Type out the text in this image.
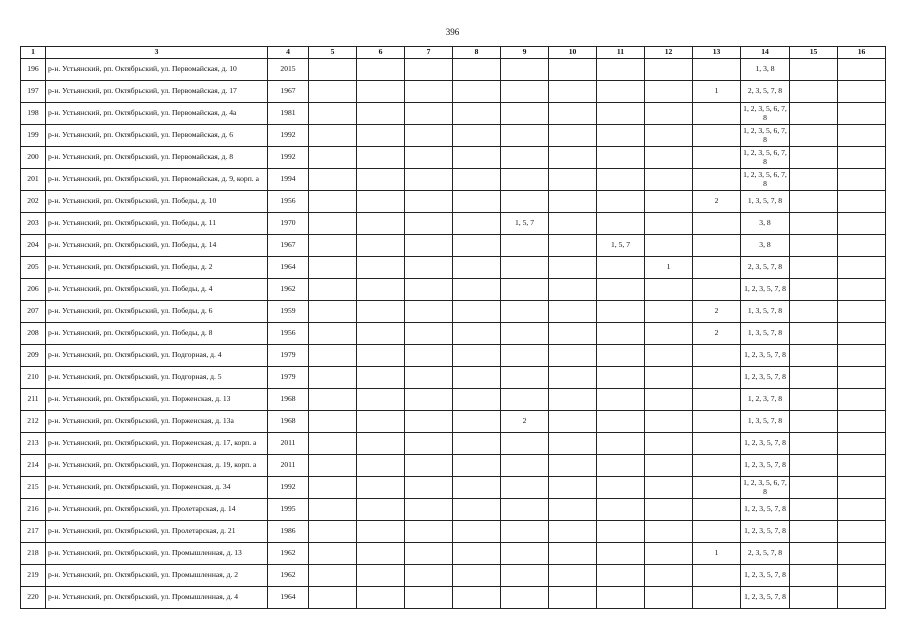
396
1	3	4	5	6	7	8	9	10	11	12	13	14	15	16
196	р-н. Устьянский, рп. Октябрьский, ул. Первомайская, д. 10	2015										1, 3, 8		
197	р-н. Устьянский, рп. Октябрьский, ул. Первомайская, д. 17	1967									1	2, 3, 5, 7, 8		
198	р-н. Устьянский, рп. Октябрьский, ул. Первомайская, д. 4а	1981										1, 2, 3, 5, 6, 7, 8		
199	р-н. Устьянский, рп. Октябрьский, ул. Первомайская, д. 6	1992										1, 2, 3, 5, 6, 7, 8		
200	р-н. Устьянский, рп. Октябрьский, ул. Первомайская, д. 8	1992										1, 2, 3, 5, 6, 7, 8		
201	р-н. Устьянский, рп. Октябрьский, ул. Первомайская, д. 9, корп. а	1994										1, 2, 3, 5, 6, 7, 8		
202	р-н. Устьянский, рп. Октябрьский, ул. Победы, д. 10	1956									2	1, 3, 5, 7, 8		
203	р-н. Устьянский, рп. Октябрьский, ул. Победы, д. 11	1970					1, 5, 7					3, 8		
204	р-н. Устьянский, рп. Октябрьский, ул. Победы, д. 14	1967							1, 5, 7			3, 8		
205	р-н. Устьянский, рп. Октябрьский, ул. Победы, д. 2	1964								1		2, 3, 5, 7, 8		
206	р-н. Устьянский, рп. Октябрьский, ул. Победы, д. 4	1962										1, 2, 3, 5, 7, 8		
207	р-н. Устьянский, рп. Октябрьский, ул. Победы, д. 6	1959									2	1, 3, 5, 7, 8		
208	р-н. Устьянский, рп. Октябрьский, ул. Победы, д. 8	1956									2	1, 3, 5, 7, 8		
209	р-н. Устьянский, рп. Октябрьский, ул. Подгорная, д. 4	1979										1, 2, 3, 5, 7, 8		
210	р-н. Устьянский, рп. Октябрьский, ул. Подгорная, д. 5	1979										1, 2, 3, 5, 7, 8		
211	р-н. Устьянский, рп. Октябрьский, ул. Порженская, д. 13	1968										1, 2, 3, 7, 8		
212	р-н. Устьянский, рп. Октябрьский, ул. Порженская, д. 13а	1968					2					1, 3, 5, 7, 8		
213	р-н. Устьянский, рп. Октябрьский, ул. Порженская, д. 17, корп. а	2011										1, 2, 3, 5, 7, 8		
214	р-н. Устьянский, рп. Октябрьский, ул. Порженская, д. 19, корп. а	2011										1, 2, 3, 5, 7, 8		
215	р-н. Устьянский, рп. Октябрьский, ул. Порженская, д. 34	1992										1, 2, 3, 5, 6, 7, 8		
216	р-н. Устьянский, рп. Октябрьский, ул. Пролетарская, д. 14	1995										1, 2, 3, 5, 7, 8		
217	р-н. Устьянский, рп. Октябрьский, ул. Пролетарская, д. 21	1986										1, 2, 3, 5, 7, 8		
218	р-н. Устьянский, рп. Октябрьский, ул. Промышленная, д. 13	1962									1	2, 3, 5, 7, 8		
219	р-н. Устьянский, рп. Октябрьский, ул. Промышленная, д. 2	1962										1, 2, 3, 5, 7, 8		
220	р-н. Устьянский, рп. Октябрьский, ул. Промышленная, д. 4	1964										1, 2, 3, 5, 7, 8		
